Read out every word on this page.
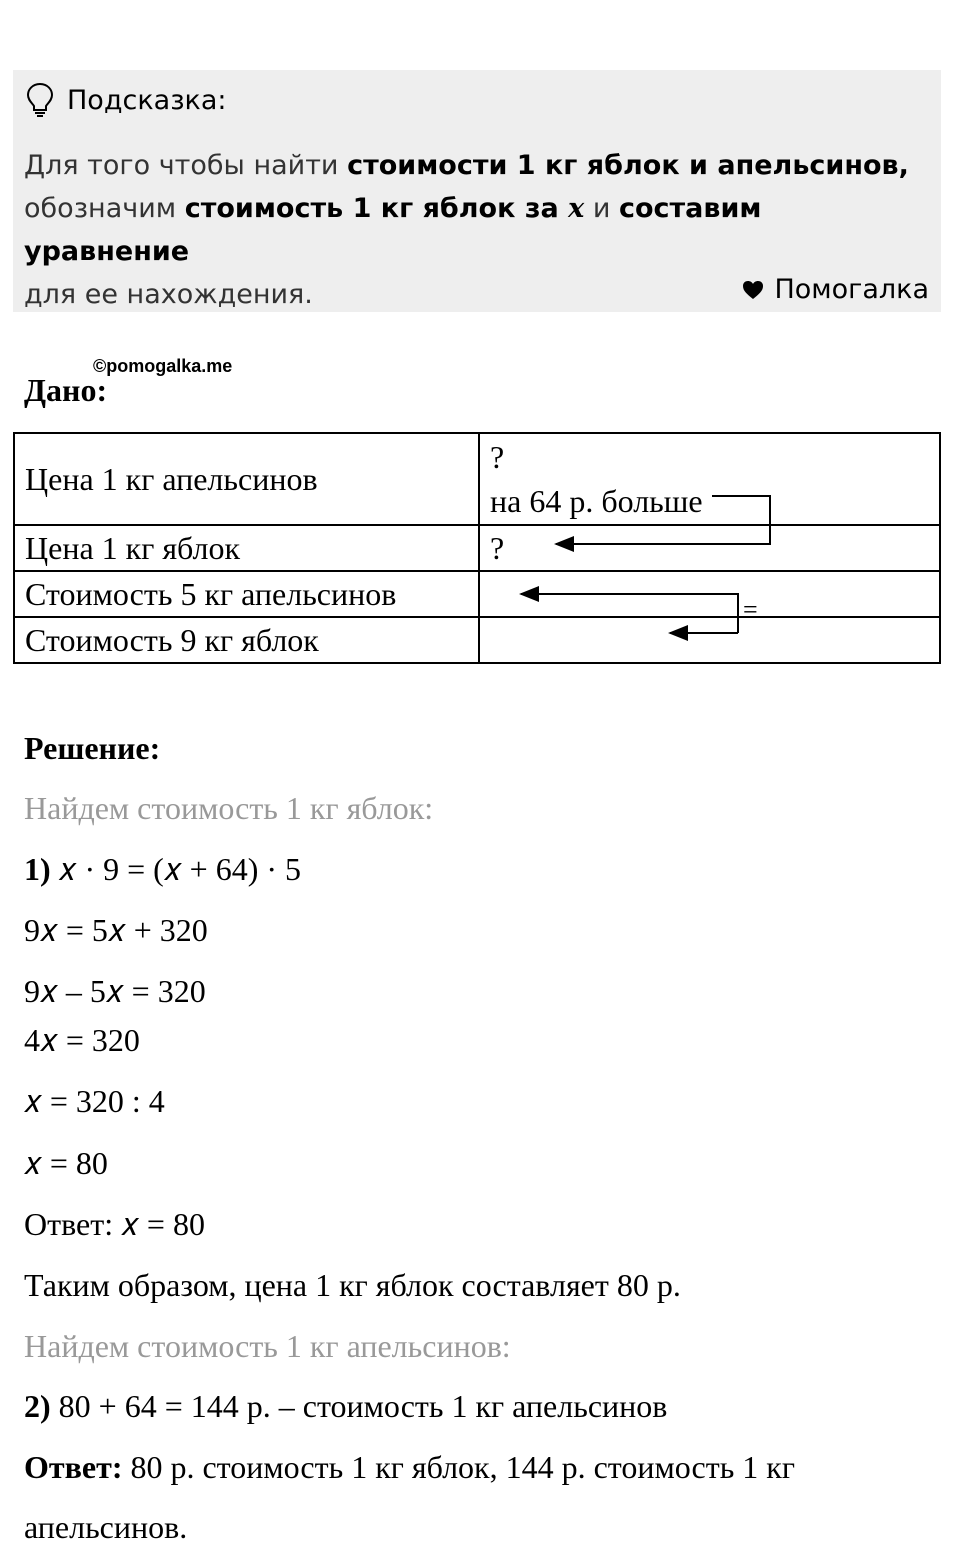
Подсказка:
Для того чтобы найти стоимости 1 кг яблок и апельсинов,
обозначим стоимость 1 кг яблок за x и составим уравнение
для ее нахождения.	Помогалка
©pomogalka.me
Дано:
Цена 1 кг апельсинов	?
на 64 р. больше

Цена 1 кг яблок	?
Стоимость 5 кг апельсинов	
Стоимость 9 кг яблок	
=
Решение:
Найдем стоимость 1 кг яблок:
1) 𝑥 · 9 = (𝑥 + 64) · 5
9𝑥 = 5𝑥 + 320
9𝑥 – 5𝑥 = 320
4𝑥 = 320
𝑥 = 320 : 4
𝑥 = 80
Ответ: 𝑥 = 80
Таким образом, цена 1 кг яблок составляет 80 р.
Найдем стоимость 1 кг апельсинов:
2) 80 + 64 = 144 р. – стоимость 1 кг апельсинов
Ответ: 80 р. стоимость 1 кг яблок, 144 р. стоимость 1 кг
апельсинов.
